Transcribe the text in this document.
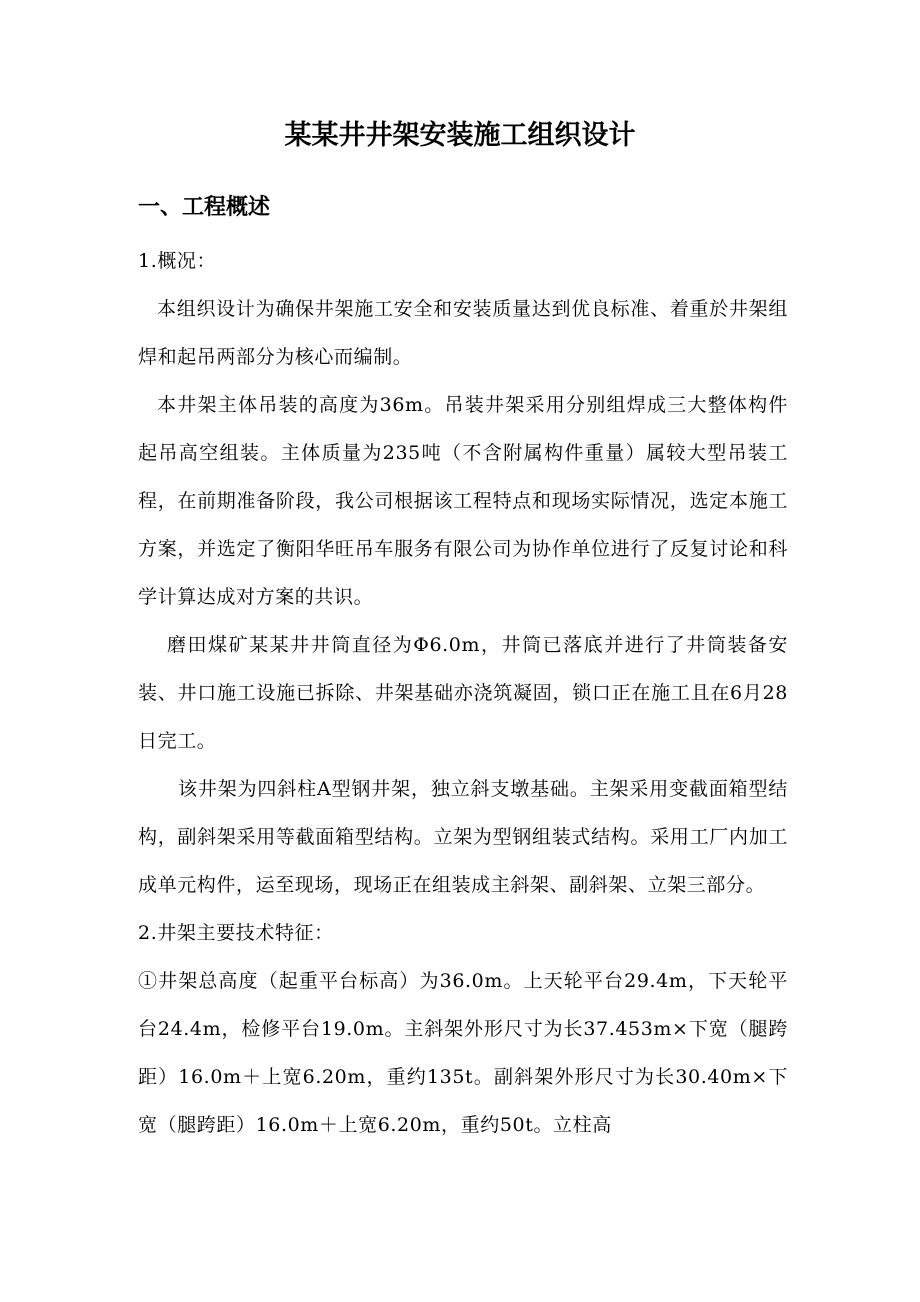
某某井井架安装施工组织设计
一、工程概述

1.概况：

本组织设计为确保井架施工安全和安装质量达到优良标准、着重於井架组焊和起吊两部分为核心而编制。

本井架主体吊装的高度为36m。吊装井架采用分别组焊成三大整体构件起吊高空组装。主体质量为235吨（不含附属构件重量）属较大型吊装工程，在前期准备阶段，我公司根据该工程特点和现场实际情况，选定本施工方案，并选定了衡阳华旺吊车服务有限公司为协作单位进行了反复讨论和科学计算达成对方案的共识。

磨田煤矿某某井井筒直径为Φ6.0m，井筒已落底并进行了井筒装备安装、井口施工设施已拆除、井架基础亦浇筑凝固，锁口正在施工且在6月28日完工。

该井架为四斜柱A型钢井架，独立斜支墩基础。主架采用变截面箱型结构，副斜架采用等截面箱型结构。立架为型钢组装式结构。采用工厂内加工成单元构件，运至现场，现场正在组装成主斜架、副斜架、立架三部分。

2.井架主要技术特征：

①井架总高度（起重平台标高）为36.0m。上天轮平台29.4m，下天轮平台24.4m，检修平台19.0m。主斜架外形尺寸为长37.453m×下宽（腿跨距）16.0m＋上宽6.20m，重约135t。副斜架外形尺寸为长30.40m×下宽（腿跨距）16.0m＋上宽6.20m，重约50t。立柱高
